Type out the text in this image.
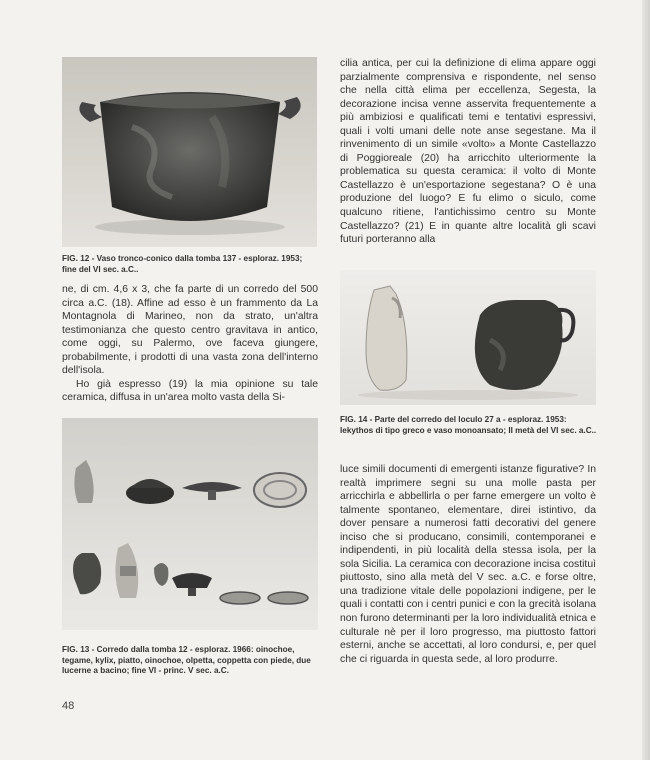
FIG. 12 - Vaso tronco-conico dalla tomba 137 - esploraz. 1953; fine del VI sec. a.C..

ne, di cm. 4,6 x 3, che fa parte di un corredo del 500 circa a.C. (18). Affine ad esso è un frammento da La Montagnola di Marineo, non da strato, un'altra testimonianza che questo centro gravitava in antico, come oggi, su Palermo, ove faceva giungere, probabilmente, i prodotti di una vasta zona dell'interno dell'isola.

Ho già espresso (19) la mia opinione su tale ceramica, diffusa in un'area molto vasta della Si-

FIG. 13 - Corredo dalla tomba 12 - esploraz. 1966: oinochoe, tegame, kylix, piatto, oinochoe, olpetta, coppetta con piede, due lucerne a bacino; fine VI - princ. V sec. a.C.

cilia antica, per cui la definizione di elima appare oggi parzialmente comprensiva e rispondente, nel senso che nella città elima per eccellenza, Segesta, la decorazione incisa venne asservita frequentemente a più ambiziosi e qualificati temi e tentativi espressivi, quali i volti umani delle note anse segestane. Ma il rinvenimento di un simile «volto» a Monte Castellazzo di Poggioreale (20) ha arricchito ulteriormente la problematica su questa ceramica: il volto di Monte Castellazzo è un'esportazione segestana? O è una produzione del luogo? E fu elimo o siculo, come qualcuno ritiene, l'antichissimo centro su Monte Castellazzo? (21) E in quante altre località gli scavi futuri porteranno alla

FIG. 14 - Parte del corredo del loculo 27 a - esploraz. 1953: lekythos di tipo greco e vaso monoansato; II metà del VI sec. a.C..

luce simili documenti di emergenti istanze figurative? In realtà imprimere segni su una molle pasta per arricchirla e abbellirla o per farne emergere un volto è talmente spontaneo, elementare, direi istintivo, da dover pensare a numerosi fatti decorativi del genere inciso che si producano, consimili, contemporanei e indipendenti, in più località della stessa isola, per la sola Sicilia. La ceramica con decorazione incisa costituì piuttosto, sino alla metà del V sec. a.C. e forse oltre, una tradizione vitale delle popolazioni indigene, per le quali i contatti con i centri punici e con la grecità isolana non furono determinanti per la loro individualità etnica e culturale nè per il loro progresso, ma piuttosto fattori esterni, anche se accettati, al loro condursi, e, per quel che ci riguarda in questa sede, al loro produrre.

48
